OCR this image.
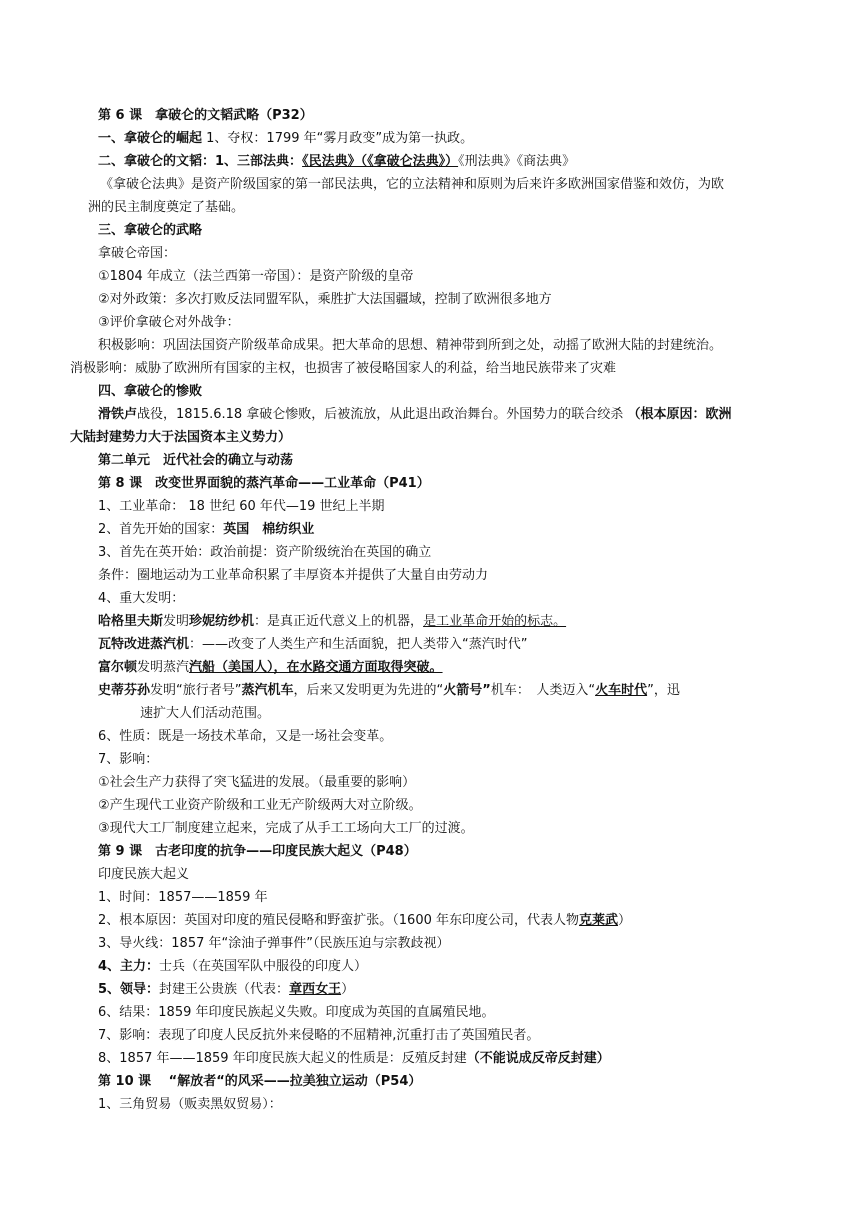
第 6 课　拿破仑的文韬武略（P32）
一、拿破仑的崛起 1、夺权：1799 年“雾月政变”成为第一执政。
二、拿破仑的文韬：1、三部法典：《民法典》（《拿破仑法典》）《刑法典》《商法典》
《拿破仑法典》是资产阶级国家的第一部民法典，它的立法精神和原则为后来许多欧洲国家借鉴和效仿，为欧
洲的民主制度奠定了基础。
三、拿破仑的武略
拿破仑帝国：
①1804 年成立（法兰西第一帝国）：是资产阶级的皇帝
②对外政策：多次打败反法同盟军队，乘胜扩大法国疆域，控制了欧洲很多地方
③评价拿破仑对外战争：
积极影响：巩固法国资产阶级革命成果。把大革命的思想、精神带到所到之处，动摇了欧洲大陆的封建统治。
消极影响：威胁了欧洲所有国家的主权，也损害了被侵略国家人的利益，给当地民族带来了灾难
四、拿破仑的惨败
滑铁卢战役，1815.6.18 拿破仑惨败，后被流放，从此退出政治舞台。外国势力的联合绞杀 （根本原因：欧洲
大陆封建势力大于法国资本主义势力）
第二单元　近代社会的确立与动荡
第 8 课　改变世界面貌的蒸汽革命——工业革命（P41）
1、工业革命： 18 世纪 60 年代—19 世纪上半期
2、首先开始的国家：英国　棉纺织业
3、首先在英开始：政治前提：资产阶级统治在英国的确立
条件：圈地运动为工业革命积累了丰厚资本并提供了大量自由劳动力
4、重大发明：
哈格里夫斯发明珍妮纺纱机：是真正近代意义上的机器，是工业革命开始的标志。
瓦特改进蒸汽机：——改变了人类生产和生活面貌，把人类带入“蒸汽时代”
富尔顿发明蒸汽汽船（美国人），在水路交通方面取得突破。
史蒂芬孙发明“旅行者号”蒸汽机车，后来又发明更为先进的“火箭号”机车：　人类迈入“火车时代”，迅
速扩大人们活动范围。
6、性质：既是一场技术革命，又是一场社会变革。
7、影响：
①社会生产力获得了突飞猛进的发展。（最重要的影响）
②产生现代工业资产阶级和工业无产阶级两大对立阶级。
③现代大工厂制度建立起来，完成了从手工工场向大工厂的过渡。
第 9 课　古老印度的抗争——印度民族大起义（P48）
印度民族大起义
1、时间：1857——1859 年
2、根本原因：英国对印度的殖民侵略和野蛮扩张。（1600 年东印度公司，代表人物克莱武）
3、导火线：1857 年“涂油子弹事件”（民族压迫与宗教歧视）
4、主力：士兵（在英国军队中服役的印度人）
5、领导：封建王公贵族（代表：章西女王）
6、结果：1859 年印度民族起义失败。印度成为英国的直属殖民地。
7、影响：表现了印度人民反抗外来侵略的不屈精神,沉重打击了英国殖民者。
8、1857 年——1859 年印度民族大起义的性质是：反殖反封建（不能说成反帝反封建）
第 10 课　 “解放者“的风采——拉美独立运动（P54）
1、三角贸易（贩卖黑奴贸易）：
